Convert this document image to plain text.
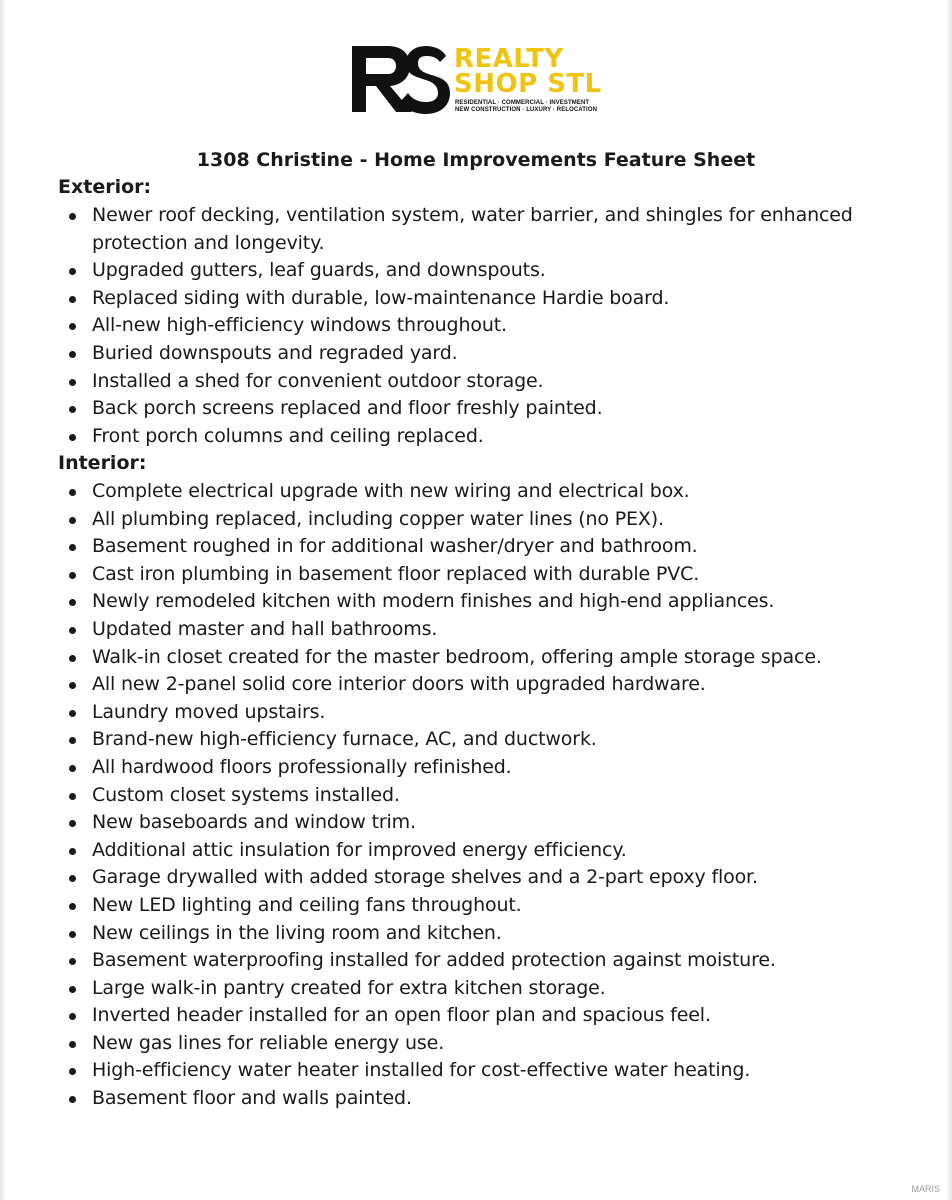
REALTY
SHOP STL
RESIDENTIAL · COMMERCIAL · INVESTMENT
NEW CONSTRUCTION · LUXURY · RELOCATION
1308 Christine - Home Improvements Feature Sheet
Exterior:
Newer roof decking, ventilation system, water barrier, and shingles for enhanced protection and longevity.
Upgraded gutters, leaf guards, and downspouts.
Replaced siding with durable, low-maintenance Hardie board.
All-new high-efficiency windows throughout.
Buried downspouts and regraded yard.
Installed a shed for convenient outdoor storage.
Back porch screens replaced and floor freshly painted.
Front porch columns and ceiling replaced.
Interior:
Complete electrical upgrade with new wiring and electrical box.
All plumbing replaced, including copper water lines (no PEX).
Basement roughed in for additional washer/dryer and bathroom.
Cast iron plumbing in basement floor replaced with durable PVC.
Newly remodeled kitchen with modern finishes and high-end appliances.
Updated master and hall bathrooms.
Walk-in closet created for the master bedroom, offering ample storage space.
All new 2-panel solid core interior doors with upgraded hardware.
Laundry moved upstairs.
Brand-new high-efficiency furnace, AC, and ductwork.
All hardwood floors professionally refinished.
Custom closet systems installed.
New baseboards and window trim.
Additional attic insulation for improved energy efficiency.
Garage drywalled with added storage shelves and a 2-part epoxy floor.
New LED lighting and ceiling fans throughout.
New ceilings in the living room and kitchen.
Basement waterproofing installed for added protection against moisture.
Large walk-in pantry created for extra kitchen storage.
Inverted header installed for an open floor plan and spacious feel.
New gas lines for reliable energy use.
High-efficiency water heater installed for cost-effective water heating.
Basement floor and walls painted.
MARIS
